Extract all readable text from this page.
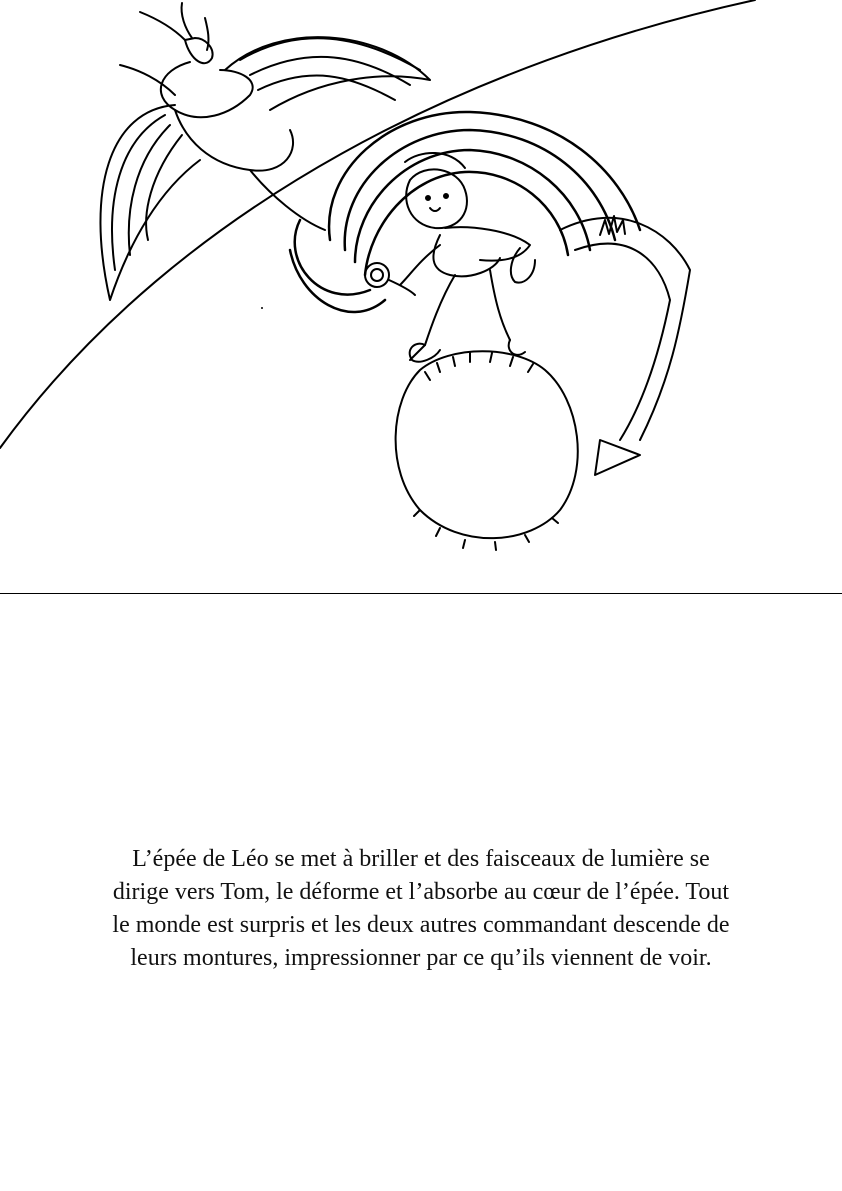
L’épée de Léo se met à briller et des faisceaux de lumière se
dirige vers Tom, le déforme et l’absorbe au cœur de l’épée. Tout
le monde est surpris et les deux autres commandant descende de
leurs montures, impressionner par ce qu’ils viennent de voir.
